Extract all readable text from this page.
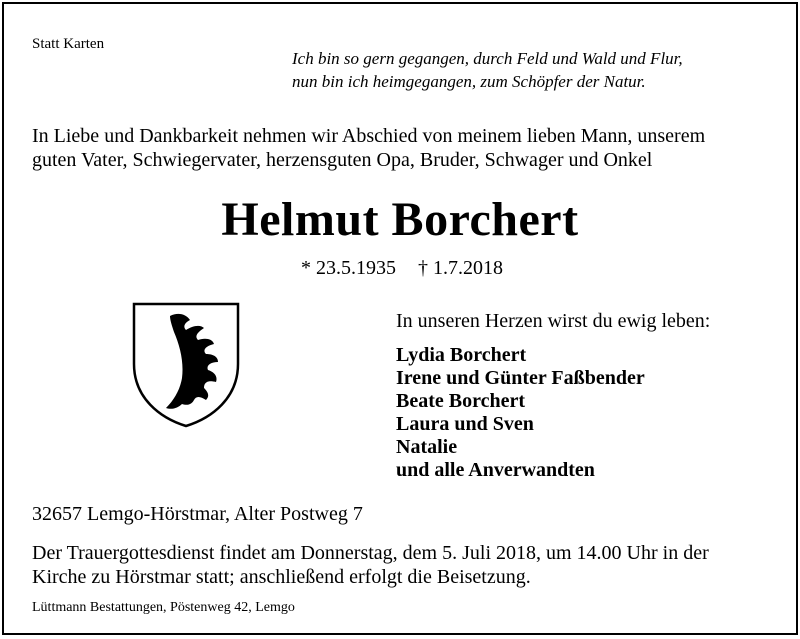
Statt Karten
Ich bin so gern gegangen, durch Feld und Wald und Flur,
nun bin ich heimgegangen, zum Schöpfer der Natur.
In Liebe und Dankbarkeit nehmen wir Abschied von meinem lieben Mann, unserem
guten Vater, Schwiegervater, herzensguten Opa, Bruder, Schwager und Onkel
Helmut Borchert
* 23.5.1935 † 1.7.2018
In unseren Herzen wirst du ewig leben:
Lydia Borchert
Irene und Günter Faßbender
Beate Borchert
Laura und Sven
Natalie
und alle Anverwandten
32657 Lemgo-Hörstmar, Alter Postweg 7
Der Trauergottesdienst findet am Donnerstag, dem 5. Juli 2018, um 14.00 Uhr in der
Kirche zu Hörstmar statt; anschließend erfolgt die Beisetzung.
Lüttmann Bestattungen, Pöstenweg 42, Lemgo
